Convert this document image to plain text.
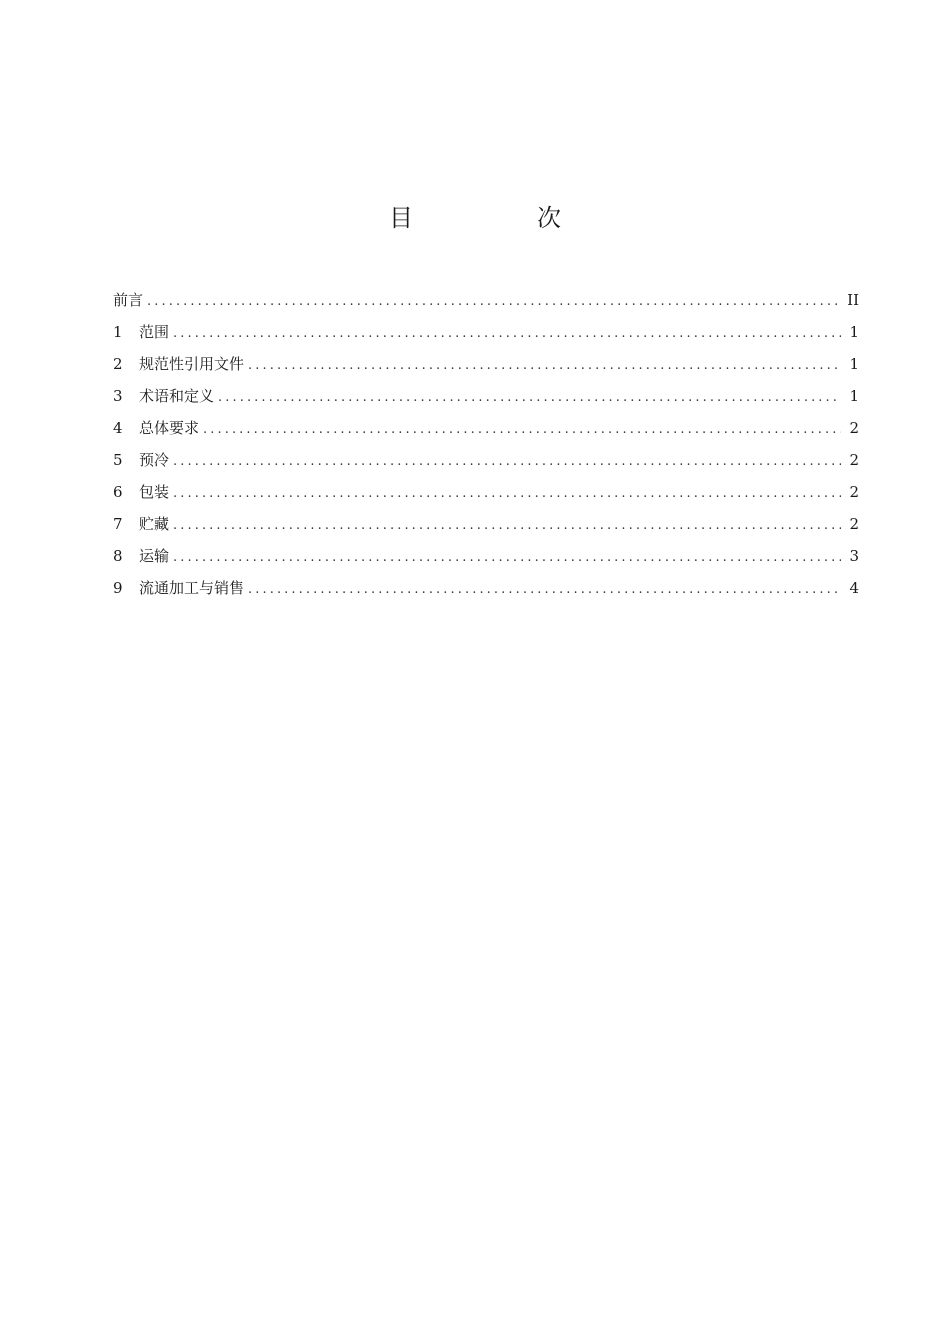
目　次
前言 .....	II
1	范围 .....	1
2	规范性引用文件 .....	1
3	术语和定义 .....	1
4	总体要求 .....	2
5	预冷 .....	2
6	包装 .....	2
7	贮藏 .....	2
8	运输 .....	3
9	流通加工与销售 .....	4
